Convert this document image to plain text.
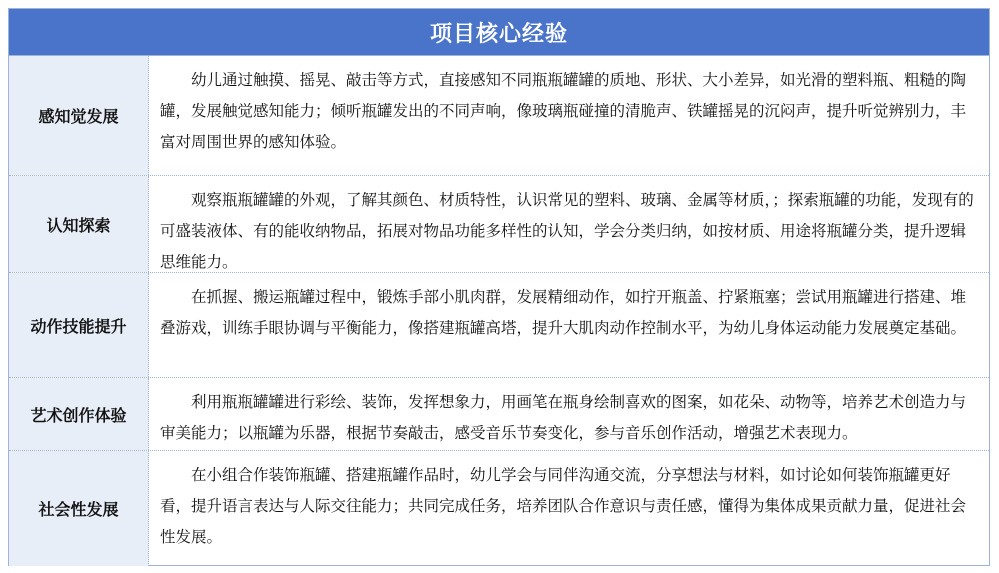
项目核心经验
感知觉发展
幼儿通过触摸、摇晃、敲击等方式，直接感知不同瓶瓶罐罐的质地、形状、大小差异，如光滑的塑料瓶、粗糙的陶罐，发展触觉感知能力；倾听瓶罐发出的不同声响，像玻璃瓶碰撞的清脆声、铁罐摇晃的沉闷声，提升听觉辨别力，丰富对周围世界的感知体验。
认知探索
观察瓶瓶罐罐的外观，了解其颜色、材质特性，认识常见的塑料、玻璃、金属等材质，；探索瓶罐的功能，发现有的可盛装液体、有的能收纳物品，拓展对物品功能多样性的认知，学会分类归纳，如按材质、用途将瓶罐分类，提升逻辑思维能力。
动作技能提升
在抓握、搬运瓶罐过程中，锻炼手部小肌肉群，发展精细动作，如拧开瓶盖、拧紧瓶塞；尝试用瓶罐进行搭建、堆叠游戏，训练手眼协调与平衡能力，像搭建瓶罐高塔，提升大肌肉动作控制水平，为幼儿身体运动能力发展奠定基础。
艺术创作体验
利用瓶瓶罐罐进行彩绘、装饰，发挥想象力，用画笔在瓶身绘制喜欢的图案，如花朵、动物等，培养艺术创造力与审美能力；以瓶罐为乐器，根据节奏敲击，感受音乐节奏变化，参与音乐创作活动，增强艺术表现力。
社会性发展
在小组合作装饰瓶罐、搭建瓶罐作品时，幼儿学会与同伴沟通交流，分享想法与材料，如讨论如何装饰瓶罐更好看，提升语言表达与人际交往能力；共同完成任务，培养团队合作意识与责任感，懂得为集体成果贡献力量，促进社会性发展。
